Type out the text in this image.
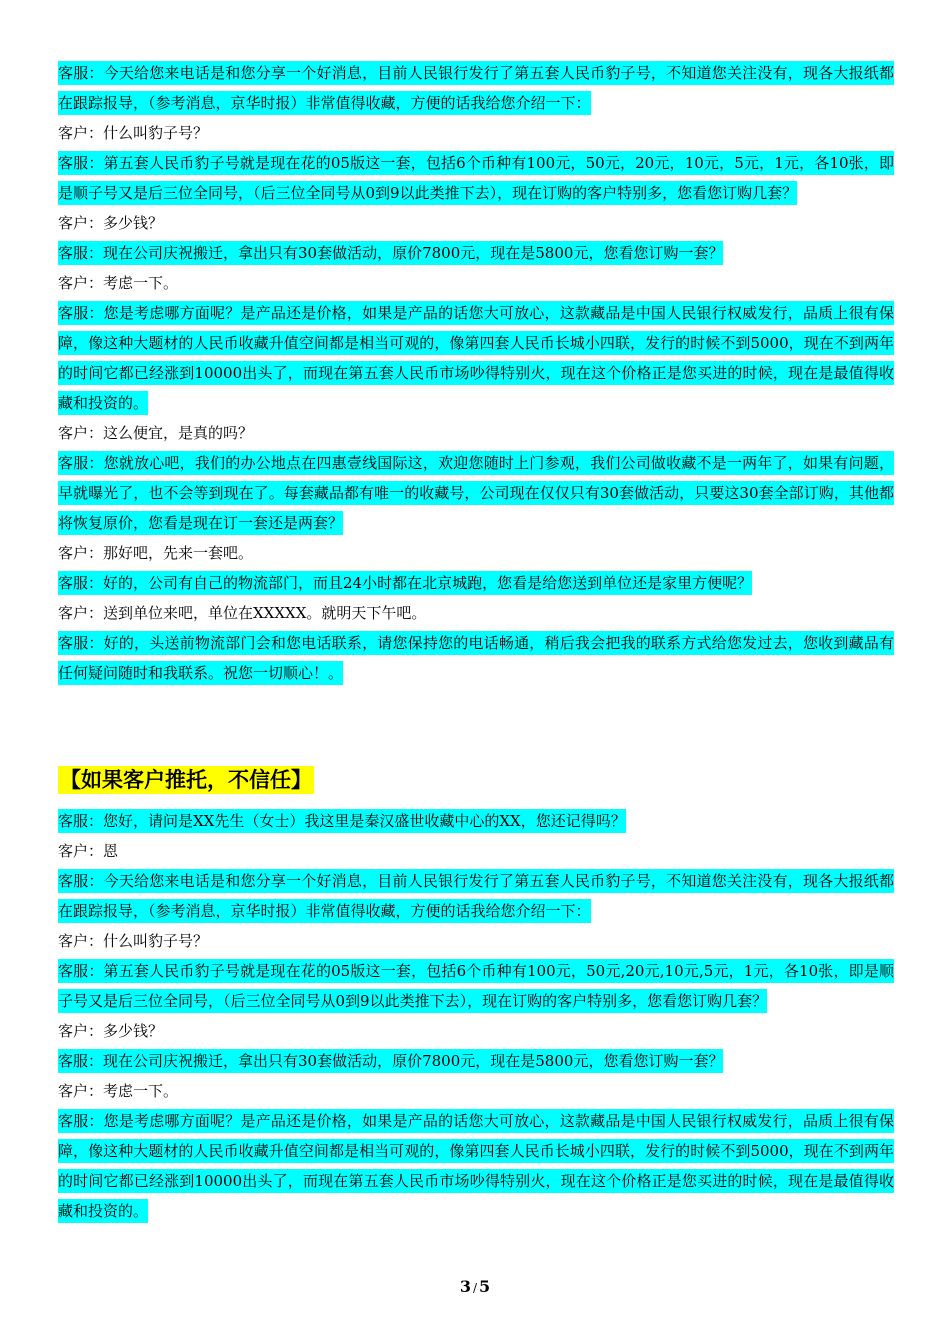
客服：今天给您来电话是和您分享一个好消息，目前人民银行发行了第五套人民币豹子号，不知道您关注没有，现各大报纸都在跟踪报导，（参考消息，京华时报）非常值得收藏，方便的话我给您介绍一下：

客户：什么叫豹子号？

客服：第五套人民币豹子号就是现在花的05版这一套，包括6个币种有100元，50元，20元，10元，5元，1元，各10张，即是顺子号又是后三位全同号，（后三位全同号从0到9以此类推下去），现在订购的客户特别多，您看您订购几套？

客户：多少钱？

客服：现在公司庆祝搬迁，拿出只有30套做活动，原价7800元，现在是5800元，您看您订购一套？

客户：考虑一下。

客服：您是考虑哪方面呢？是产品还是价格，如果是产品的话您大可放心，这款藏品是中国人民银行权威发行，品质上很有保障，像这种大题材的人民币收藏升值空间都是相当可观的，像第四套人民币长城小四联，发行的时候不到5000，现在不到两年的时间它都已经涨到10000出头了，而现在第五套人民币市场吵得特别火，现在这个价格正是您买进的时候，现在是最值得收藏和投资的。

客户：这么便宜，是真的吗？

客服：您就放心吧，我们的办公地点在四惠壹线国际这，欢迎您随时上门参观，我们公司做收藏不是一两年了，如果有问题，早就曝光了，也不会等到现在了。每套藏品都有唯一的收藏号，公司现在仅仅只有30套做活动，只要这30套全部订购，其他都将恢复原价，您看是现在订一套还是两套？

客户：那好吧，先来一套吧。

客服：好的，公司有自己的物流部门，而且24小时都在北京城跑，您看是给您送到单位还是家里方便呢？

客户：送到单位来吧，单位在XXXXX。就明天下午吧。

客服：好的，头送前物流部门会和您电话联系，请您保持您的电话畅通，稍后我会把我的联系方式给您发过去，您收到藏品有任何疑问随时和我联系。祝您一切顺心！。

【如果客户推托，不信任】

客服：您好，请问是XX先生（女士）我这里是秦汉盛世收藏中心的XX，您还记得吗？

客户：恩

客服：今天给您来电话是和您分享一个好消息，目前人民银行发行了第五套人民币豹子号，不知道您关注没有，现各大报纸都在跟踪报导，（参考消息，京华时报）非常值得收藏，方便的话我给您介绍一下：

客户：什么叫豹子号？

客服：第五套人民币豹子号就是现在花的05版这一套，包括6个币种有100元，50元,20元,10元,5元，1元，各10张，即是顺子号又是后三位全同号，（后三位全同号从0到9以此类推下去），现在订购的客户特别多，您看您订购几套？

客户：多少钱？

客服：现在公司庆祝搬迁，拿出只有30套做活动，原价7800元，现在是5800元，您看您订购一套？

客户：考虑一下。

客服：您是考虑哪方面呢？是产品还是价格，如果是产品的话您大可放心，这款藏品是中国人民银行权威发行，品质上很有保障，像这种大题材的人民币收藏升值空间都是相当可观的，像第四套人民币长城小四联，发行的时候不到5000，现在不到两年的时间它都已经涨到10000出头了，而现在第五套人民币市场吵得特别火，现在这个价格正是您买进的时候，现在是最值得收藏和投资的。

3 / 5
